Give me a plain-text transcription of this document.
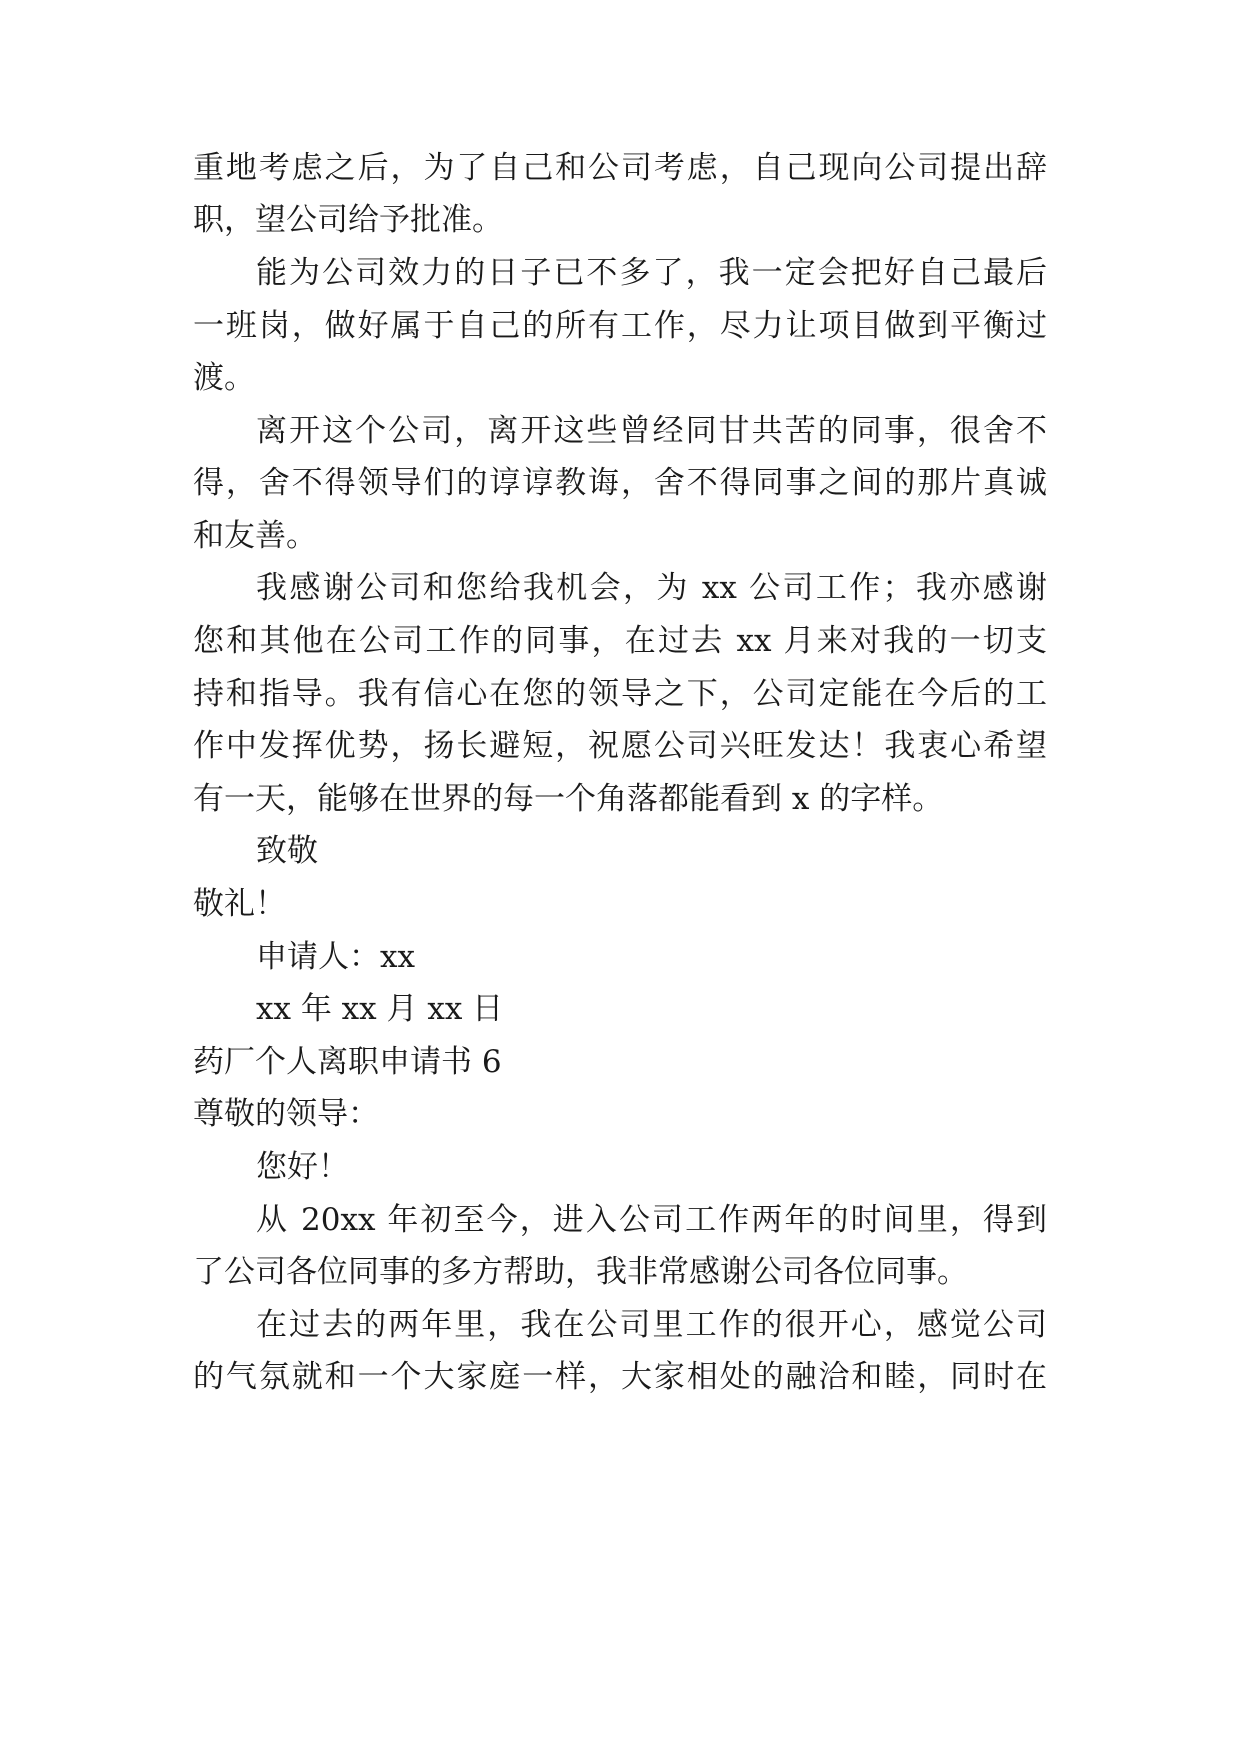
重地考虑之后，为了自己和公司考虑，自己现向公司提出辞
职，望公司给予批准。
能为公司效力的日子已不多了，我一定会把好自己最后
一班岗，做好属于自己的所有工作，尽力让项目做到平衡过
渡。
离开这个公司，离开这些曾经同甘共苦的同事，很舍不
得，舍不得领导们的谆谆教诲，舍不得同事之间的那片真诚
和友善。
我感谢公司和您给我机会，为 xx 公司工作；我亦感谢
您和其他在公司工作的同事，在过去 xx 月来对我的一切支
持和指导。我有信心在您的领导之下，公司定能在今后的工
作中发挥优势，扬长避短，祝愿公司兴旺发达！我衷心希望
有一天，能够在世界的每一个角落都能看到 x 的字样。
致敬
敬礼！
申请人：xx
xx 年 xx 月 xx 日
药厂个人离职申请书 6
尊敬的领导：
您好！
从 20xx 年初至今，进入公司工作两年的时间里，得到
了公司各位同事的多方帮助，我非常感谢公司各位同事。
在过去的两年里，我在公司里工作的很开心，感觉公司
的气氛就和一个大家庭一样，大家相处的融洽和睦，同时在
